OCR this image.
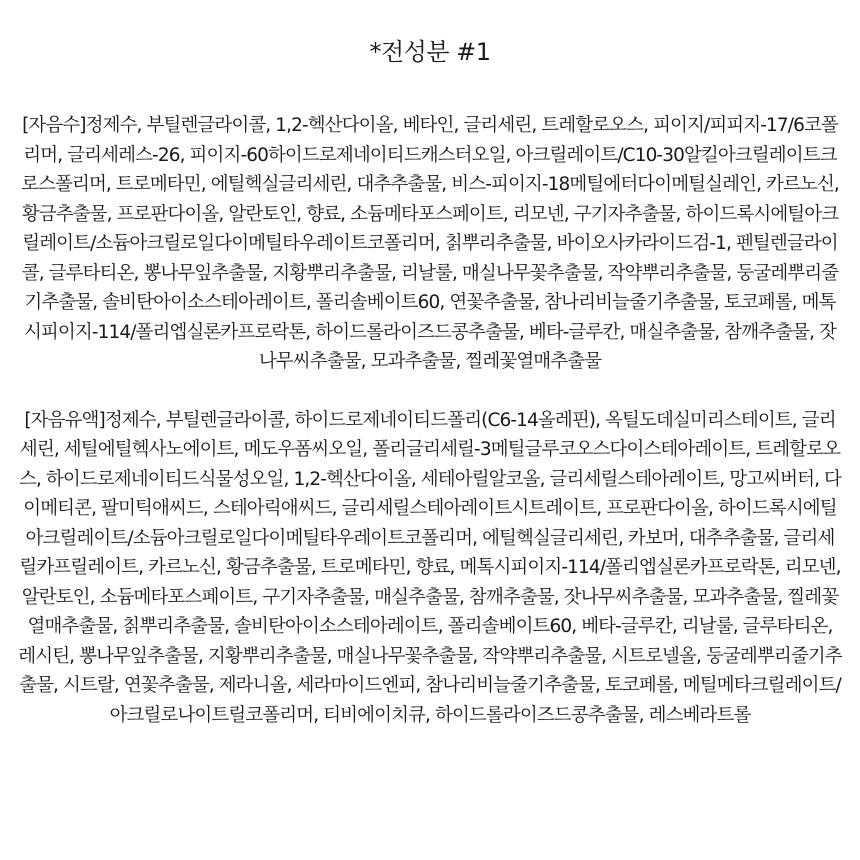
*전성분 #1

[자음수]정제수, 부틸렌글라이콜, 1,2-헥산다이올, 베타인, 글리세린, 트레할로오스, 피이지/피피지-17/6코폴리머, 글리세레스-26, 피이지-60하이드로제네이티드캐스터오일, 아크릴레이트/C10-30알킬아크릴레이트크로스폴리머, 트로메타민, 에틸헥실글리세린, 대추추출물, 비스-피이지-18메틸에터다이메틸실레인, 카르노신, 황금추출물, 프로판다이올, 알란토인, 향료, 소듐메타포스페이트, 리모넨, 구기자추출물, 하이드록시에틸아크릴레이트/소듐아크릴로일다이메틸타우레이트코폴리머, 칡뿌리추출물, 바이오사카라이드검-1, 펜틸렌글라이콜, 글루타티온, 뽕나무잎추출물, 지황뿌리추출물, 리날룰, 매실나무꽃추출물, 작약뿌리추출물, 둥굴레뿌리줄기추출물, 솔비탄아이소스테아레이트, 폴리솔베이트60, 연꽃추출물, 참나리비늘줄기추출물, 토코페롤, 메톡시피이지-114/폴리엡실론카프로락톤, 하이드롤라이즈드콩추출물, 베타-글루칸, 매실추출물, 참깨추출물, 잣나무씨추출물, 모과추출물, 찔레꽃열매추출물

[자음유액]정제수, 부틸렌글라이콜, 하이드로제네이티드폴리(C6-14올레핀), 옥틸도데실미리스테이트, 글리세린, 세틸에틸헥사노에이트, 메도우폼씨오일, 폴리글리세릴-3메틸글루코오스다이스테아레이트, 트레할로오스, 하이드로제네이티드식물성오일, 1,2-헥산다이올, 세테아릴알코올, 글리세릴스테아레이트, 망고씨버터, 다이메티콘, 팔미틱애씨드, 스테아릭애씨드, 글리세릴스테아레이트시트레이트, 프로판다이올, 하이드록시에틸아크릴레이트/소듐아크릴로일다이메틸타우레이트코폴리머, 에틸헥실글리세린, 카보머, 대추추출물, 글리세릴카프릴레이트, 카르노신, 황금추출물, 트로메타민, 향료, 메톡시피이지-114/폴리엡실론카프로락톤, 리모넨, 알란토인, 소듐메타포스페이트, 구기자추출물, 매실추출물, 참깨추출물, 잣나무씨추출물, 모과추출물, 찔레꽃열매추출물, 칡뿌리추출물, 솔비탄아이소스테아레이트, 폴리솔베이트60, 베타-글루칸, 리날룰, 글루타티온, 레시틴, 뽕나무잎추출물, 지황뿌리추출물, 매실나무꽃추출물, 작약뿌리추출물, 시트로넬올, 둥굴레뿌리줄기추출물, 시트랄, 연꽃추출물, 제라니올, 세라마이드엔피, 참나리비늘줄기추출물, 토코페롤, 메틸메타크릴레이트/아크릴로나이트릴코폴리머, 티비에이치큐, 하이드롤라이즈드콩추출물, 레스베라트롤
